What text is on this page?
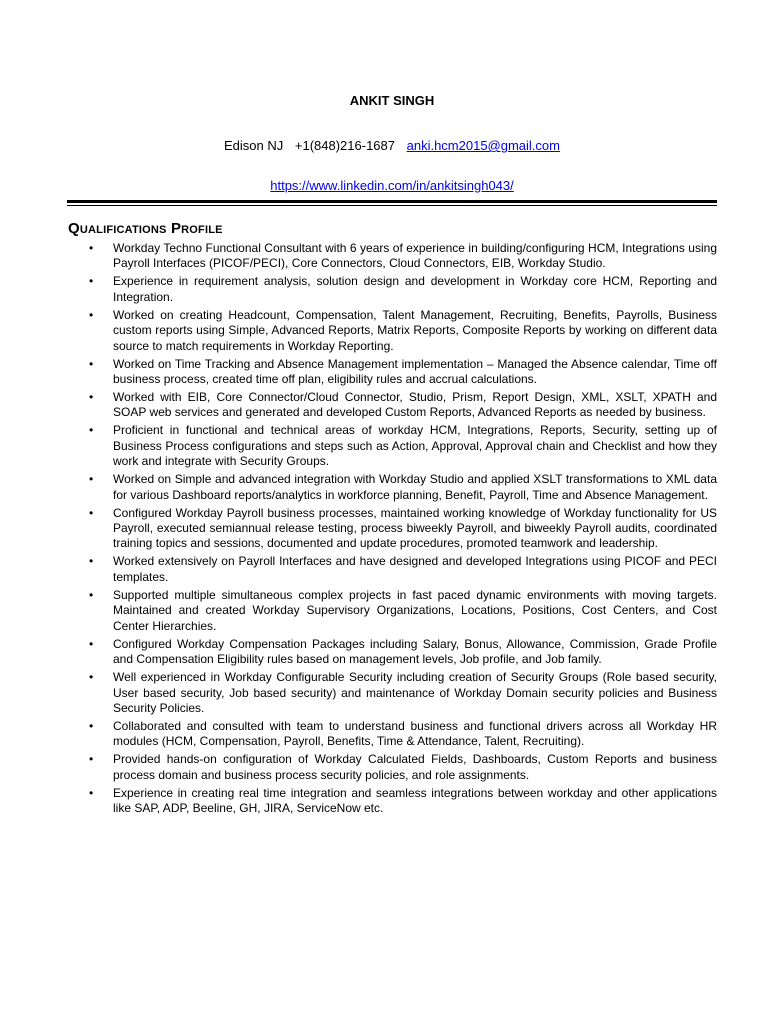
ANKIT SINGH
Edison NJ +1(848)216-1687 anki.hcm2015@gmail.com
https://www.linkedin.com/in/ankitsingh043/
Qualifications Profile
• Workday Techno Functional Consultant with 6 years of experience in building/configuring HCM, Integrations using Payroll Interfaces (PICOF/PECI), Core Connectors, Cloud Connectors, EIB, Workday Studio.
• Experience in requirement analysis, solution design and development in Workday core HCM, Reporting and Integration.
• Worked on creating Headcount, Compensation, Talent Management, Recruiting, Benefits, Payrolls, Business custom reports using Simple, Advanced Reports, Matrix Reports, Composite Reports by working on different data source to match requirements in Workday Reporting.
• Worked on Time Tracking and Absence Management implementation – Managed the Absence calendar, Time off business process, created time off plan, eligibility rules and accrual calculations.
• Worked with EIB, Core Connector/Cloud Connector, Studio, Prism, Report Design, XML, XSLT, XPATH and SOAP web services and generated and developed Custom Reports, Advanced Reports as needed by business.
• Proficient in functional and technical areas of workday HCM, Integrations, Reports, Security, setting up of Business Process configurations and steps such as Action, Approval, Approval chain and Checklist and how they work and integrate with Security Groups.
• Worked on Simple and advanced integration with Workday Studio and applied XSLT transformations to XML data for various Dashboard reports/analytics in workforce planning, Benefit, Payroll, Time and Absence Management.
• Configured Workday Payroll business processes, maintained working knowledge of Workday functionality for US Payroll, executed semiannual release testing, process biweekly Payroll, and biweekly Payroll audits, coordinated training topics and sessions, documented and update procedures, promoted teamwork and leadership.
• Worked extensively on Payroll Interfaces and have designed and developed Integrations using PICOF and PECI templates.
• Supported multiple simultaneous complex projects in fast paced dynamic environments with moving targets. Maintained and created Workday Supervisory Organizations, Locations, Positions, Cost Centers, and Cost Center Hierarchies.
• Configured Workday Compensation Packages including Salary, Bonus, Allowance, Commission, Grade Profile and Compensation Eligibility rules based on management levels, Job profile, and Job family.
• Well experienced in Workday Configurable Security including creation of Security Groups (Role based security, User based security, Job based security) and maintenance of Workday Domain security policies and Business Security Policies.
• Collaborated and consulted with team to understand business and functional drivers across all Workday HR modules (HCM, Compensation, Payroll, Benefits, Time & Attendance, Talent, Recruiting).
• Provided hands-on configuration of Workday Calculated Fields, Dashboards, Custom Reports and business process domain and business process security policies, and role assignments.
• Experience in creating real time integration and seamless integrations between workday and other applications like SAP, ADP, Beeline, GH, JIRA, ServiceNow etc.
